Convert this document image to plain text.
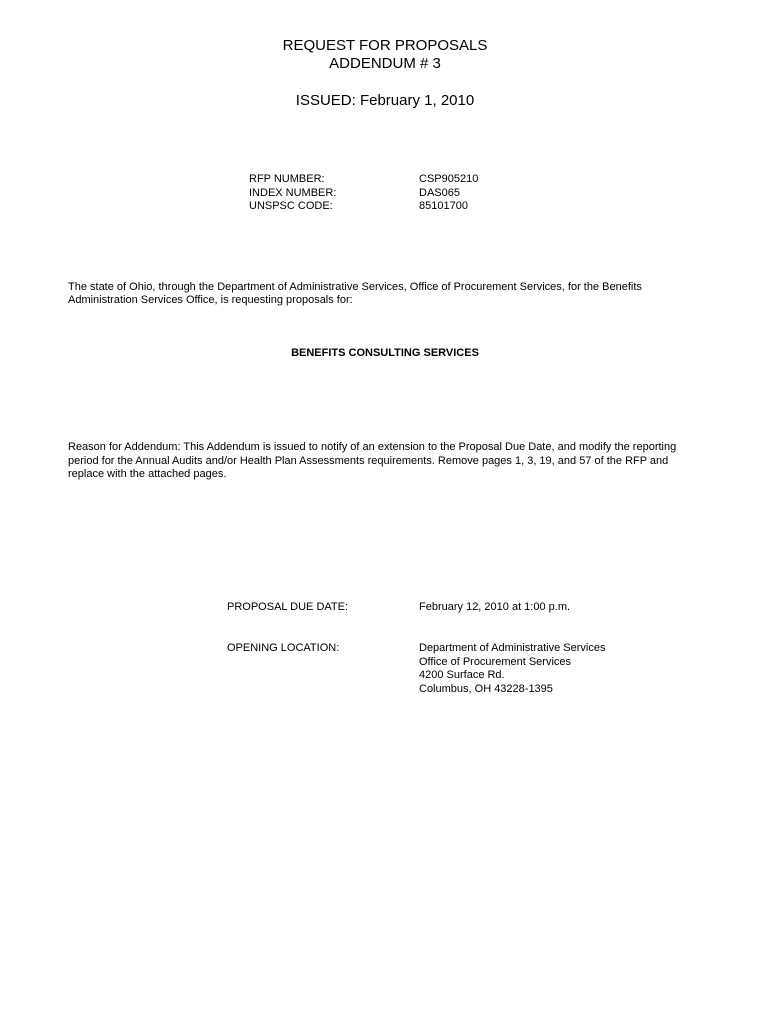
REQUEST FOR PROPOSALS
ADDENDUM # 3
ISSUED: February 1, 2010
RFP NUMBER:
INDEX NUMBER:
UNSPSC CODE:
CSP905210
DAS065
85101700
The state of Ohio, through the Department of Administrative Services, Office of Procurement Services, for the Benefits
Administration Services Office, is requesting proposals for:
BENEFITS CONSULTING SERVICES
Reason for Addendum: This Addendum is issued to notify of an extension to the Proposal Due Date, and modify the reporting
period for the Annual Audits and/or Health Plan Assessments requirements. Remove pages 1, 3, 19, and 57 of the RFP and
replace with the attached pages.
PROPOSAL DUE DATE:	February 12, 2010 at 1:00 p.m.
OPENING LOCATION:	Department of Administrative Services
Office of Procurement Services
4200 Surface Rd.
Columbus, OH 43228-1395
